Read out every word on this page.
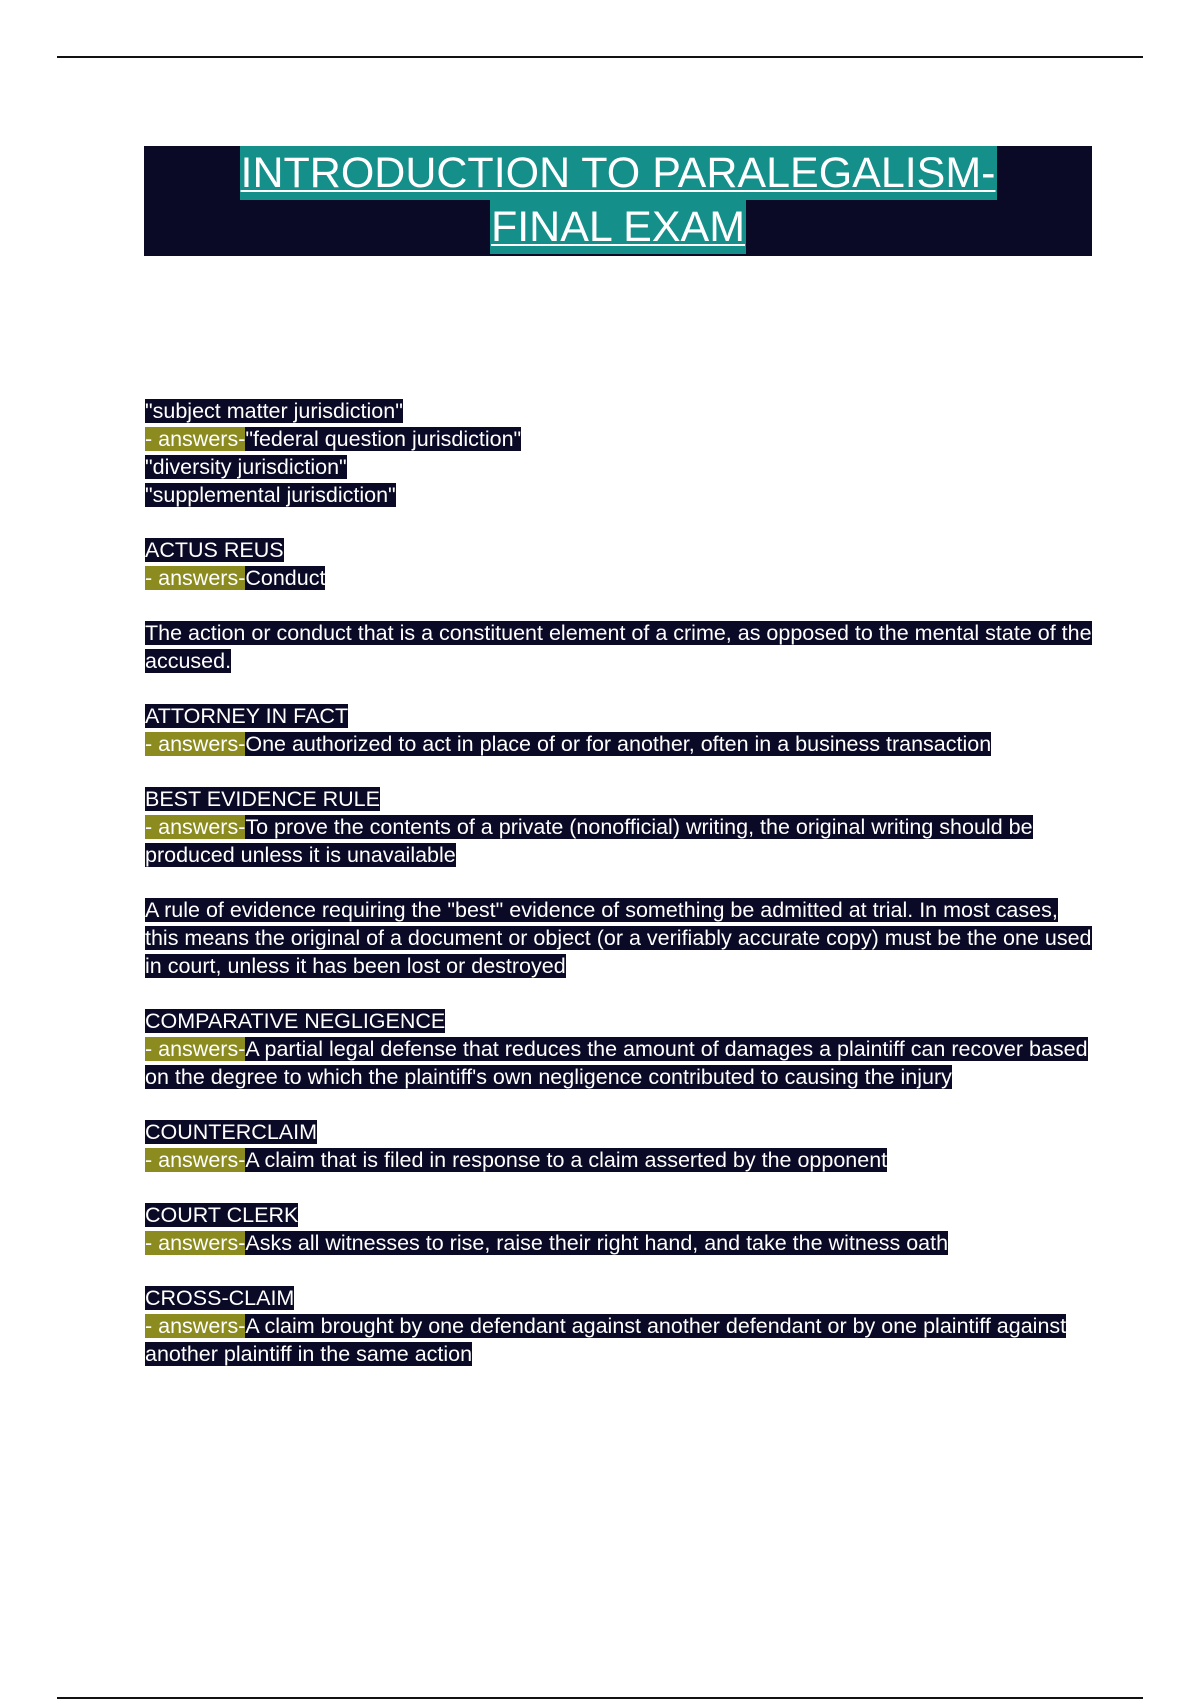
INTRODUCTION TO PARALEGALISM-
FINAL EXAM
"subject matter jurisdiction"
- answers-"federal question jurisdiction"
"diversity jurisdiction"
"supplemental jurisdiction"
ACTUS REUS
- answers-Conduct
The action or conduct that is a constituent element of a crime, as opposed to the mental state of the accused.
ATTORNEY IN FACT
- answers-One authorized to act in place of or for another, often in a business transaction
BEST EVIDENCE RULE
- answers-To prove the contents of a private (nonofficial) writing, the original writing should be produced unless it is unavailable
A rule of evidence requiring the "best" evidence of something be admitted at trial. In most cases, this means the original of a document or object (or a verifiably accurate copy) must be the one used in court, unless it has been lost or destroyed
COMPARATIVE NEGLIGENCE
- answers-A partial legal defense that reduces the amount of damages a plaintiff can recover based on the degree to which the plaintiff's own negligence contributed to causing the injury
COUNTERCLAIM
- answers-A claim that is filed in response to a claim asserted by the opponent
COURT CLERK
- answers-Asks all witnesses to rise, raise their right hand, and take the witness oath
CROSS-CLAIM
- answers-A claim brought by one defendant against another defendant or by one plaintiff against another plaintiff in the same action
